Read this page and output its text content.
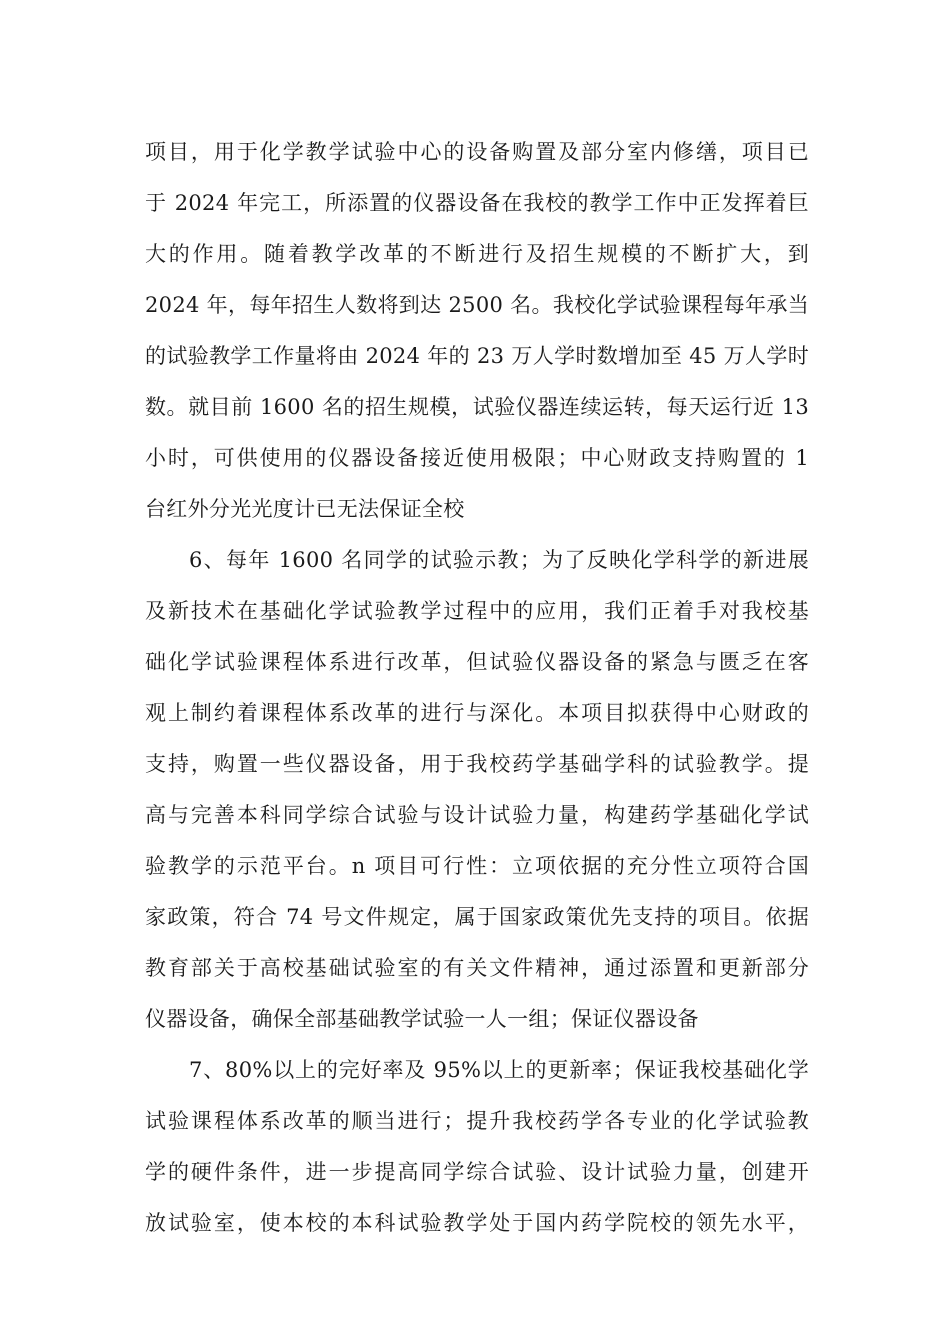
项目，用于化学教学试验中心的设备购置及部分室内修缮，项目已
于 2024 年完工，所添置的仪器设备在我校的教学工作中正发挥着巨
大的作用。随着教学改革的不断进行及招生规模的不断扩大，到
2024 年，每年招生人数将到达 2500 名。我校化学试验课程每年承当
的试验教学工作量将由 2024 年的 23 万人学时数增加至 45 万人学时
数。就目前 1600 名的招生规模，试验仪器连续运转，每天运行近 13
小时，可供使用的仪器设备接近使用极限；中心财政支持购置的 1
台红外分光光度计已无法保证全校
6、每年 1600 名同学的试验示教；为了反映化学科学的新进展
及新技术在基础化学试验教学过程中的应用，我们正着手对我校基
础化学试验课程体系进行改革，但试验仪器设备的紧急与匮乏在客
观上制约着课程体系改革的进行与深化。本项目拟获得中心财政的
支持，购置一些仪器设备，用于我校药学基础学科的试验教学。提
高与完善本科同学综合试验与设计试验力量，构建药学基础化学试
验教学的示范平台。n 项目可行性：立项依据的充分性立项符合国
家政策，符合 74 号文件规定，属于国家政策优先支持的项目。依据
教育部关于高校基础试验室的有关文件精神，通过添置和更新部分
仪器设备，确保全部基础教学试验一人一组；保证仪器设备
7、80%以上的完好率及 95%以上的更新率；保证我校基础化学
试验课程体系改革的顺当进行；提升我校药学各专业的化学试验教
学的硬件条件，进一步提高同学综合试验、设计试验力量，创建开
放试验室，使本校的本科试验教学处于国内药学院校的领先水平，
